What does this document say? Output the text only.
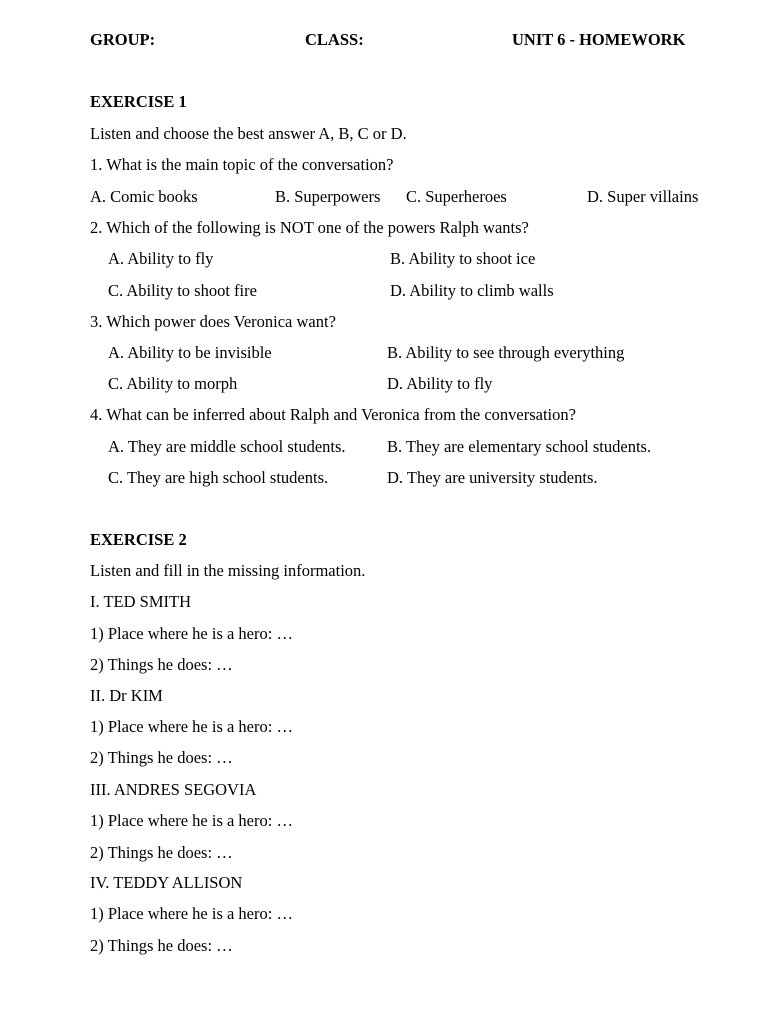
GROUP:	CLASS:	UNIT 6 - HOMEWORK
EXERCISE 1
Listen and choose the best answer A, B, C or D.
1. What is the main topic of the conversation?
A. Comic books	B. Superpowers C. Superheroes	D. Super villains
2. Which of the following is NOT one of the powers Ralph wants?
A. Ability to fly	B. Ability to shoot ice
C. Ability to shoot fire	D. Ability to climb walls
3. Which power does Veronica want?
A. Ability to be invisible	B. Ability to see through everything
C. Ability to morph	D. Ability to fly
4. What can be inferred about Ralph and Veronica from the conversation?
A. They are middle school students.	B. They are elementary school students.
C. They are high school students.	D. They are university students.
EXERCISE 2
Listen and fill in the missing information.
I. TED SMITH
1) Place where he is a hero: …
2) Things he does: …
II. Dr KIM
1) Place where he is a hero: …
2) Things he does: …
III. ANDRES SEGOVIA
1) Place where he is a hero: …
2) Things he does: …
IV. TEDDY ALLISON
1) Place where he is a hero: …
2) Things he does: …
